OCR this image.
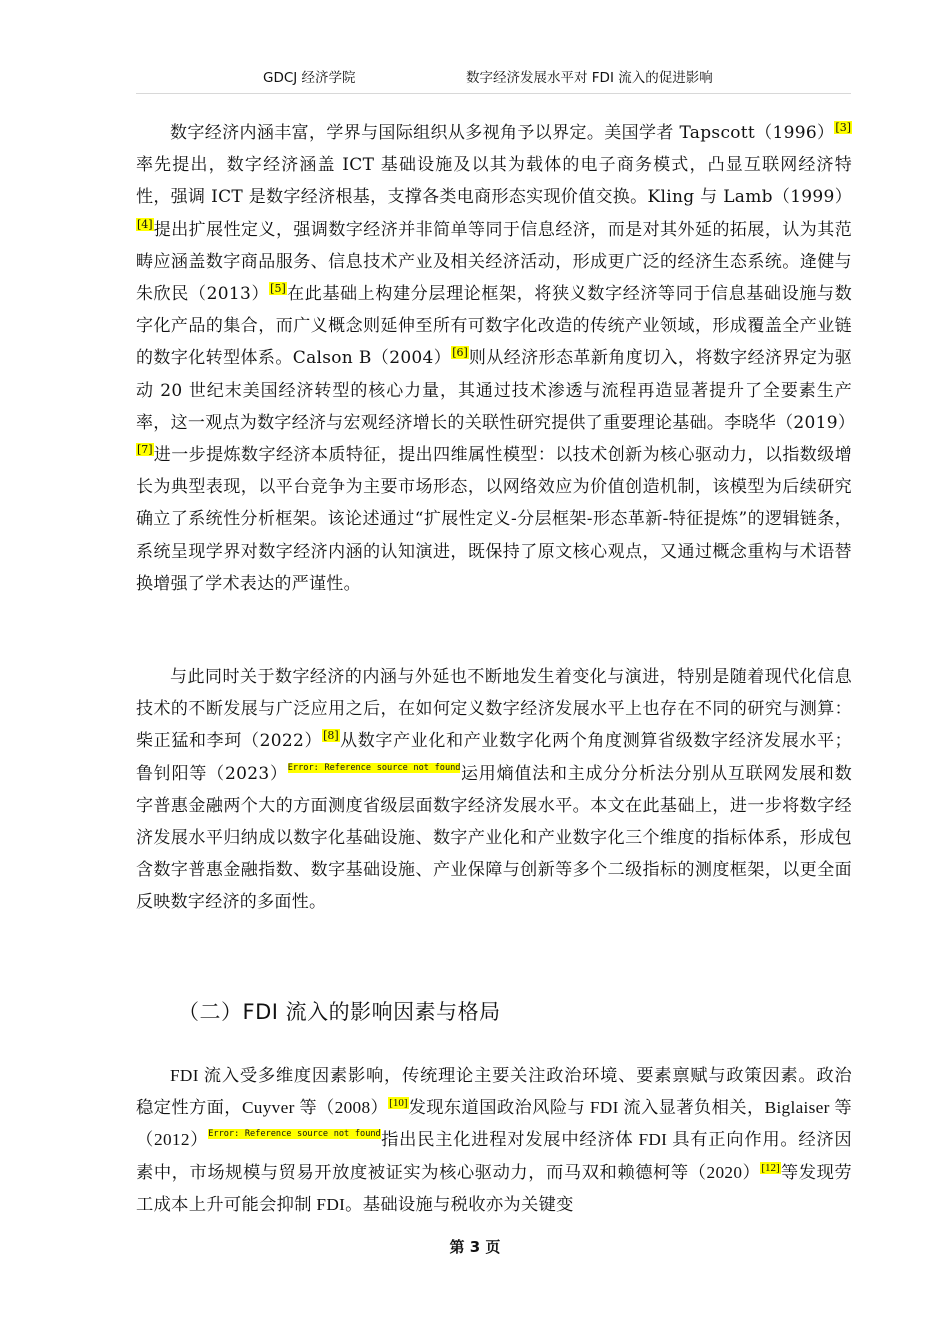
GDCJ 经济学院	数字经济发展水平对 FDI 流入的促进影响

数字经济内涵丰富，学界与国际组织从多视角予以界定。美国学者 Tapscott（1996）[3]率先提出，数字经济涵盖 ICT 基础设施及以其为载体的电子商务模式，凸显互联网经济特性，强调 ICT 是数字经济根基，支撑各类电商形态实现价值交换。Kling 与 Lamb（1999）[4]提出扩展性定义，强调数字经济并非简单等同于信息经济，而是对其外延的拓展，认为其范畴应涵盖数字商品服务、信息技术产业及相关经济活动，形成更广泛的经济生态系统。逄健与朱欣民（2013）[5]在此基础上构建分层理论框架，将狭义数字经济等同于信息基础设施与数字化产品的集合，而广义概念则延伸至所有可数字化改造的传统产业领域，形成覆盖全产业链的数字化转型体系。Calson B（2004）[6]则从经济形态革新角度切入，将数字经济界定为驱动 20 世纪末美国经济转型的核心力量，其通过技术渗透与流程再造显著提升了全要素生产率，这一观点为数字经济与宏观经济增长的关联性研究提供了重要理论基础。李晓华（2019）[7]进一步提炼数字经济本质特征，提出四维属性模型：以技术创新为核心驱动力，以指数级增长为典型表现，以平台竞争为主要市场形态，以网络效应为价值创造机制，该模型为后续研究确立了系统性分析框架。该论述通过“扩展性定义-分层框架-形态革新-特征提炼”的逻辑链条，系统呈现学界对数字经济内涵的认知演进，既保持了原文核心观点，又通过概念重构与术语替换增强了学术表达的严谨性。

与此同时关于数字经济的内涵与外延也不断地发生着变化与演进，特别是随着现代化信息技术的不断发展与广泛应用之后，在如何定义数字经济发展水平上也存在不同的研究与测算：柴正猛和李珂（2022）[8]从数字产业化和产业数字化两个角度测算省级数字经济发展水平；鲁钊阳等$(2023)^{Error: Reference source not found}$运用熵值法和主成分分析法分别从互联网发展和数字普惠金融两个大的方面测度省级层面数字经济发展水平。本文在此基础上，进一步将数字经济发展水平归纳成以数字化基础设施、数字产业化和产业数字化三个维度的指标体系，形成包含数字普惠金融指数、数字基础设施、产业保障与创新等多个二级指标的测度框架，以更全面反映数字经济的多面性。

（二）FDI 流入的影响因素与格局

FDI 流入受多维度因素影响，传统理论主要关注政治环境、要素禀赋与政策因素。政治稳定性方面，Cuyver 等（2008）[10]发现东道国政治风险与 FDI 流入显著负相关，Biglaiser 等$(2012)^{Error: Reference source not found}$指出民主化进程对发展中经济体 FDI 具有正向作用。经济因素中，市场规模与贸易开放度被证实为核心驱动力，而马双和赖德柯等（2020）[12]等发现劳工成本上升可能会抑制 FDI。基础设施与税收亦为关键变

第 3 页
